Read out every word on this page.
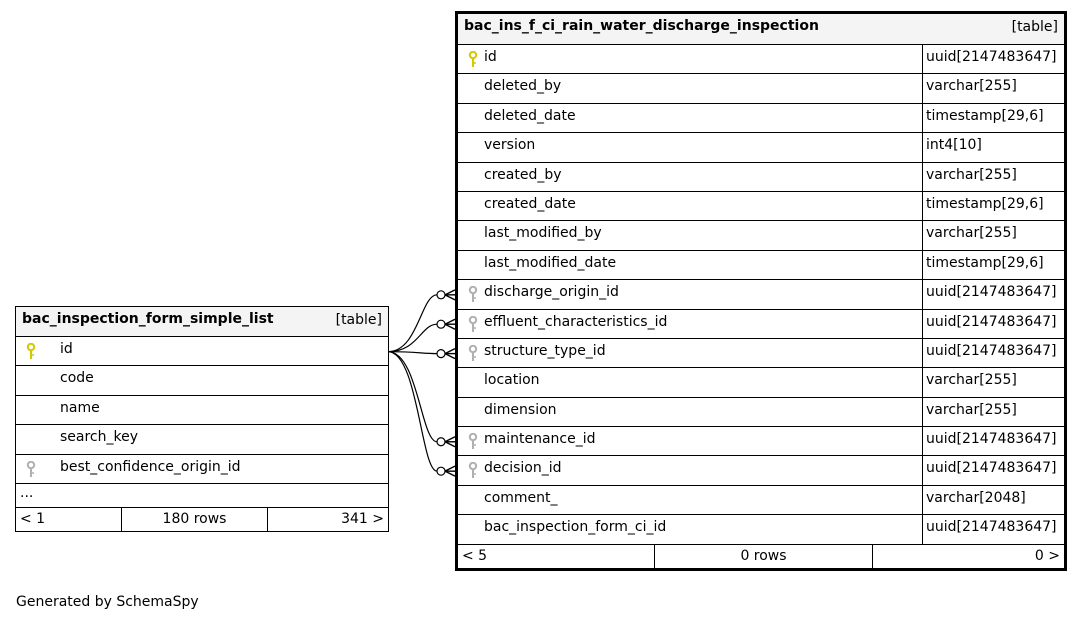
bac_inspection_form_simple_list	[table]
id
code
name
search_key
best_confidence_origin_id
...
< 1	180 rows	341 >
bac_ins_f_ci_rain_water_discharge_inspection	[table]
id	uuid[2147483647]
deleted_by	varchar[255]
deleted_date	timestamp[29,6]
version	int4[10]
created_by	varchar[255]
created_date	timestamp[29,6]
last_modified_by	varchar[255]
last_modified_date	timestamp[29,6]
discharge_origin_id	uuid[2147483647]
effluent_characteristics_id	uuid[2147483647]
structure_type_id	uuid[2147483647]
location	varchar[255]
dimension	varchar[255]
maintenance_id	uuid[2147483647]
decision_id	uuid[2147483647]
comment_	varchar[2048]
bac_inspection_form_ci_id	uuid[2147483647]
< 5	0 rows	0 >
Generated by SchemaSpy
